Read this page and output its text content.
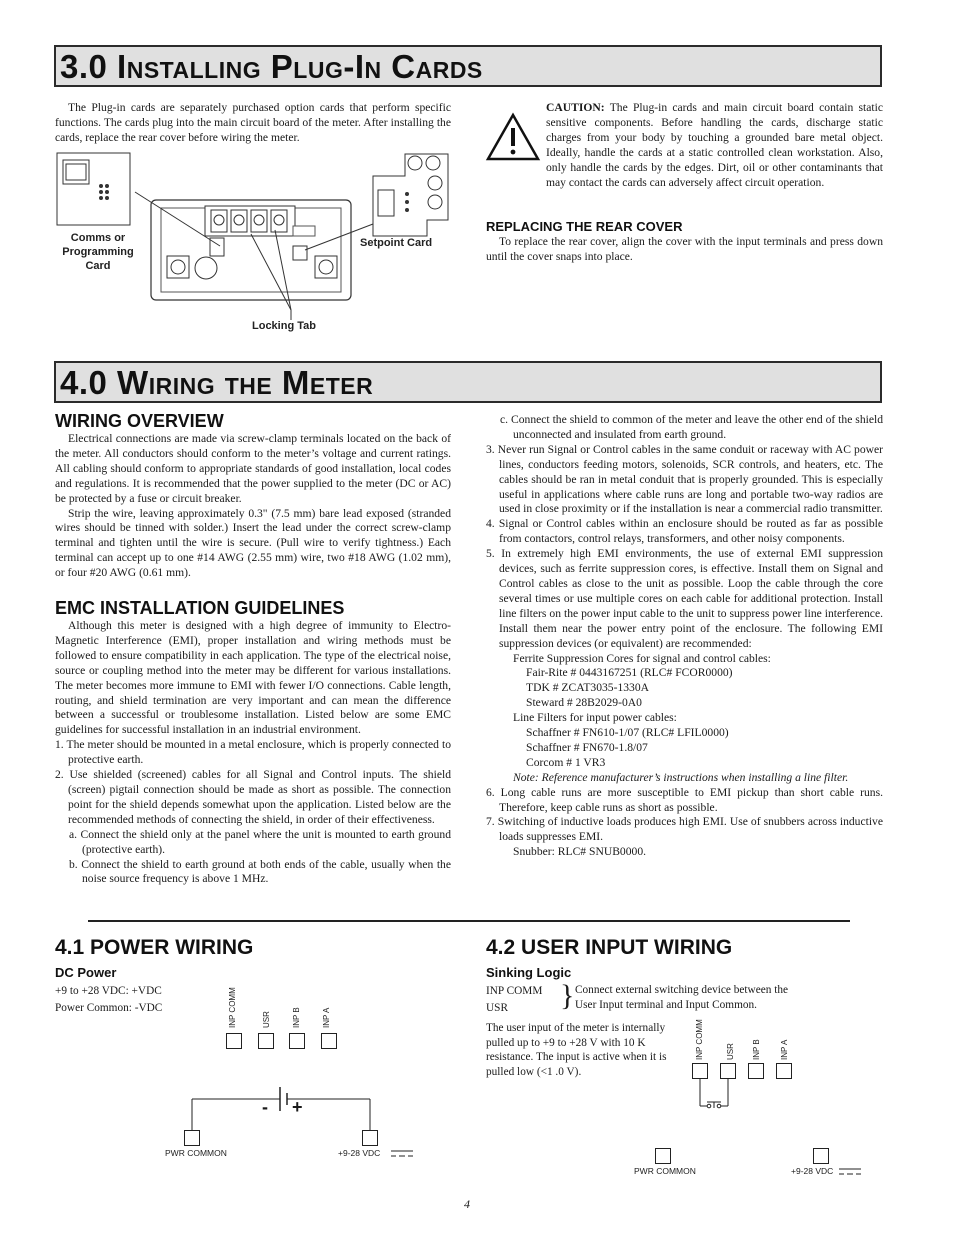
3.0 Installing Plug-In Cards

The Plug-in cards are separately purchased option cards that perform specific functions. The cards plug into the main circuit board of the meter. After installing the cards, replace the rear cover before wiring the meter.

Comms or
Programming
Card
Setpoint Card
Locking Tab
CAUTION: The Plug-in cards and main circuit board contain static sensitive components. Before handling the cards, discharge static charges from your body by touching a grounded bare metal object. Ideally, handle the cards at a static controlled clean workstation. Also, only handle the cards by the edges. Dirt, oil or other contaminants that may contact the cards can adversely affect circuit operation.
REPLACING THE REAR COVER

To replace the rear cover, align the cover with the input terminals and press down until the cover snaps into place.

4.0 Wiring the Meter
WIRING OVERVIEW

Electrical connections are made via screw-clamp terminals located on the back of the meter. All conductors should conform to the meter’s voltage and current ratings. All cabling should conform to appropriate standards of good installation, local codes and regulations. It is recommended that the power supplied to the meter (DC or AC) be protected by a fuse or circuit breaker.

Strip the wire, leaving approximately 0.3" (7.5 mm) bare lead exposed (stranded wires should be tinned with solder.) Insert the lead under the correct screw-clamp terminal and tighten until the wire is secure. (Pull wire to verify tightness.) Each terminal can accept up to one #14 AWG (2.55 mm) wire, two #18 AWG (1.02 mm), or four #20 AWG (0.61 mm).

EMC INSTALLATION GUIDELINES

Although this meter is designed with a high degree of immunity to Electro-Magnetic Interference (EMI), proper installation and wiring methods must be followed to ensure compatibility in each application. The type of the electrical noise, source or coupling method into the meter may be different for various installations. The meter becomes more immune to EMI with fewer I/O connections. Cable length, routing, and shield termination are very important and can mean the difference between a successful or troublesome installation. Listed below are some EMC guidelines for successful installation in an industrial environment.

1. The meter should be mounted in a metal enclosure, which is properly connected to protective earth.
2. Use shielded (screened) cables for all Signal and Control inputs. The shield (screen) pigtail connection should be made as short as possible. The connection point for the shield depends somewhat upon the application. Listed below are the recommended methods of connecting the shield, in order of their effectiveness.
a. Connect the shield only at the panel where the unit is mounted to earth ground (protective earth).
b. Connect the shield to earth ground at both ends of the cable, usually when the noise source frequency is above 1 MHz.
c. Connect the shield to common of the meter and leave the other end of the shield unconnected and insulated from earth ground.
3. Never run Signal or Control cables in the same conduit or raceway with AC power lines, conductors feeding motors, solenoids, SCR controls, and heaters, etc. The cables should be ran in metal conduit that is properly grounded. This is especially useful in applications where cable runs are long and portable two-way radios are used in close proximity or if the installation is near a commercial radio transmitter.
4. Signal or Control cables within an enclosure should be routed as far as possible from contactors, control relays, transformers, and other noisy components.
5. In extremely high EMI environments, the use of external EMI suppression devices, such as ferrite suppression cores, is effective. Install them on Signal and Control cables as close to the unit as possible. Loop the cable through the core several times or use multiple cores on each cable for additional protection. Install line filters on the power input cable to the unit to suppress power line interference. Install them near the power entry point of the enclosure. The following EMI suppression devices (or equivalent) are recommended:
Ferrite Suppression Cores for signal and control cables:
Fair-Rite # 0443167251 (RLC# FCOR0000)
TDK # ZCAT3035-1330A
Steward # 28B2029-0A0
Line Filters for input power cables:
Schaffner # FN610-1/07 (RLC# LFIL0000)
Schaffner # FN670-1.8/07
Corcom # 1 VR3
Note: Reference manufacturer’s instructions when installing a line filter.
6. Long cable runs are more susceptible to EMI pickup than short cable runs. Therefore, keep cable runs as short as possible.
7. Switching of inductive loads produces high EMI. Use of snubbers across inductive loads suppresses EMI.
Snubber: RLC# SNUB0000.
4.1 POWER WIRING
DC Power
+9 to +28 VDC: +VDC
Power Common: -VDC	INP COMM	USR	INP B	INP A
- +
PWR COMMON	+9-28 VDC
4.2 USER INPUT WIRING
Sinking Logic
INP COMM
USR	} Connect external switching device between the
User Input terminal and Input Common.
The user input of the meter is internally pulled up to +9 to +28 V with 10 K resistance. The input is active when it is pulled low (<1 .0 V).
INP COMM	USR INP B INP A
PWR COMMON	+9-28 VDC
4
